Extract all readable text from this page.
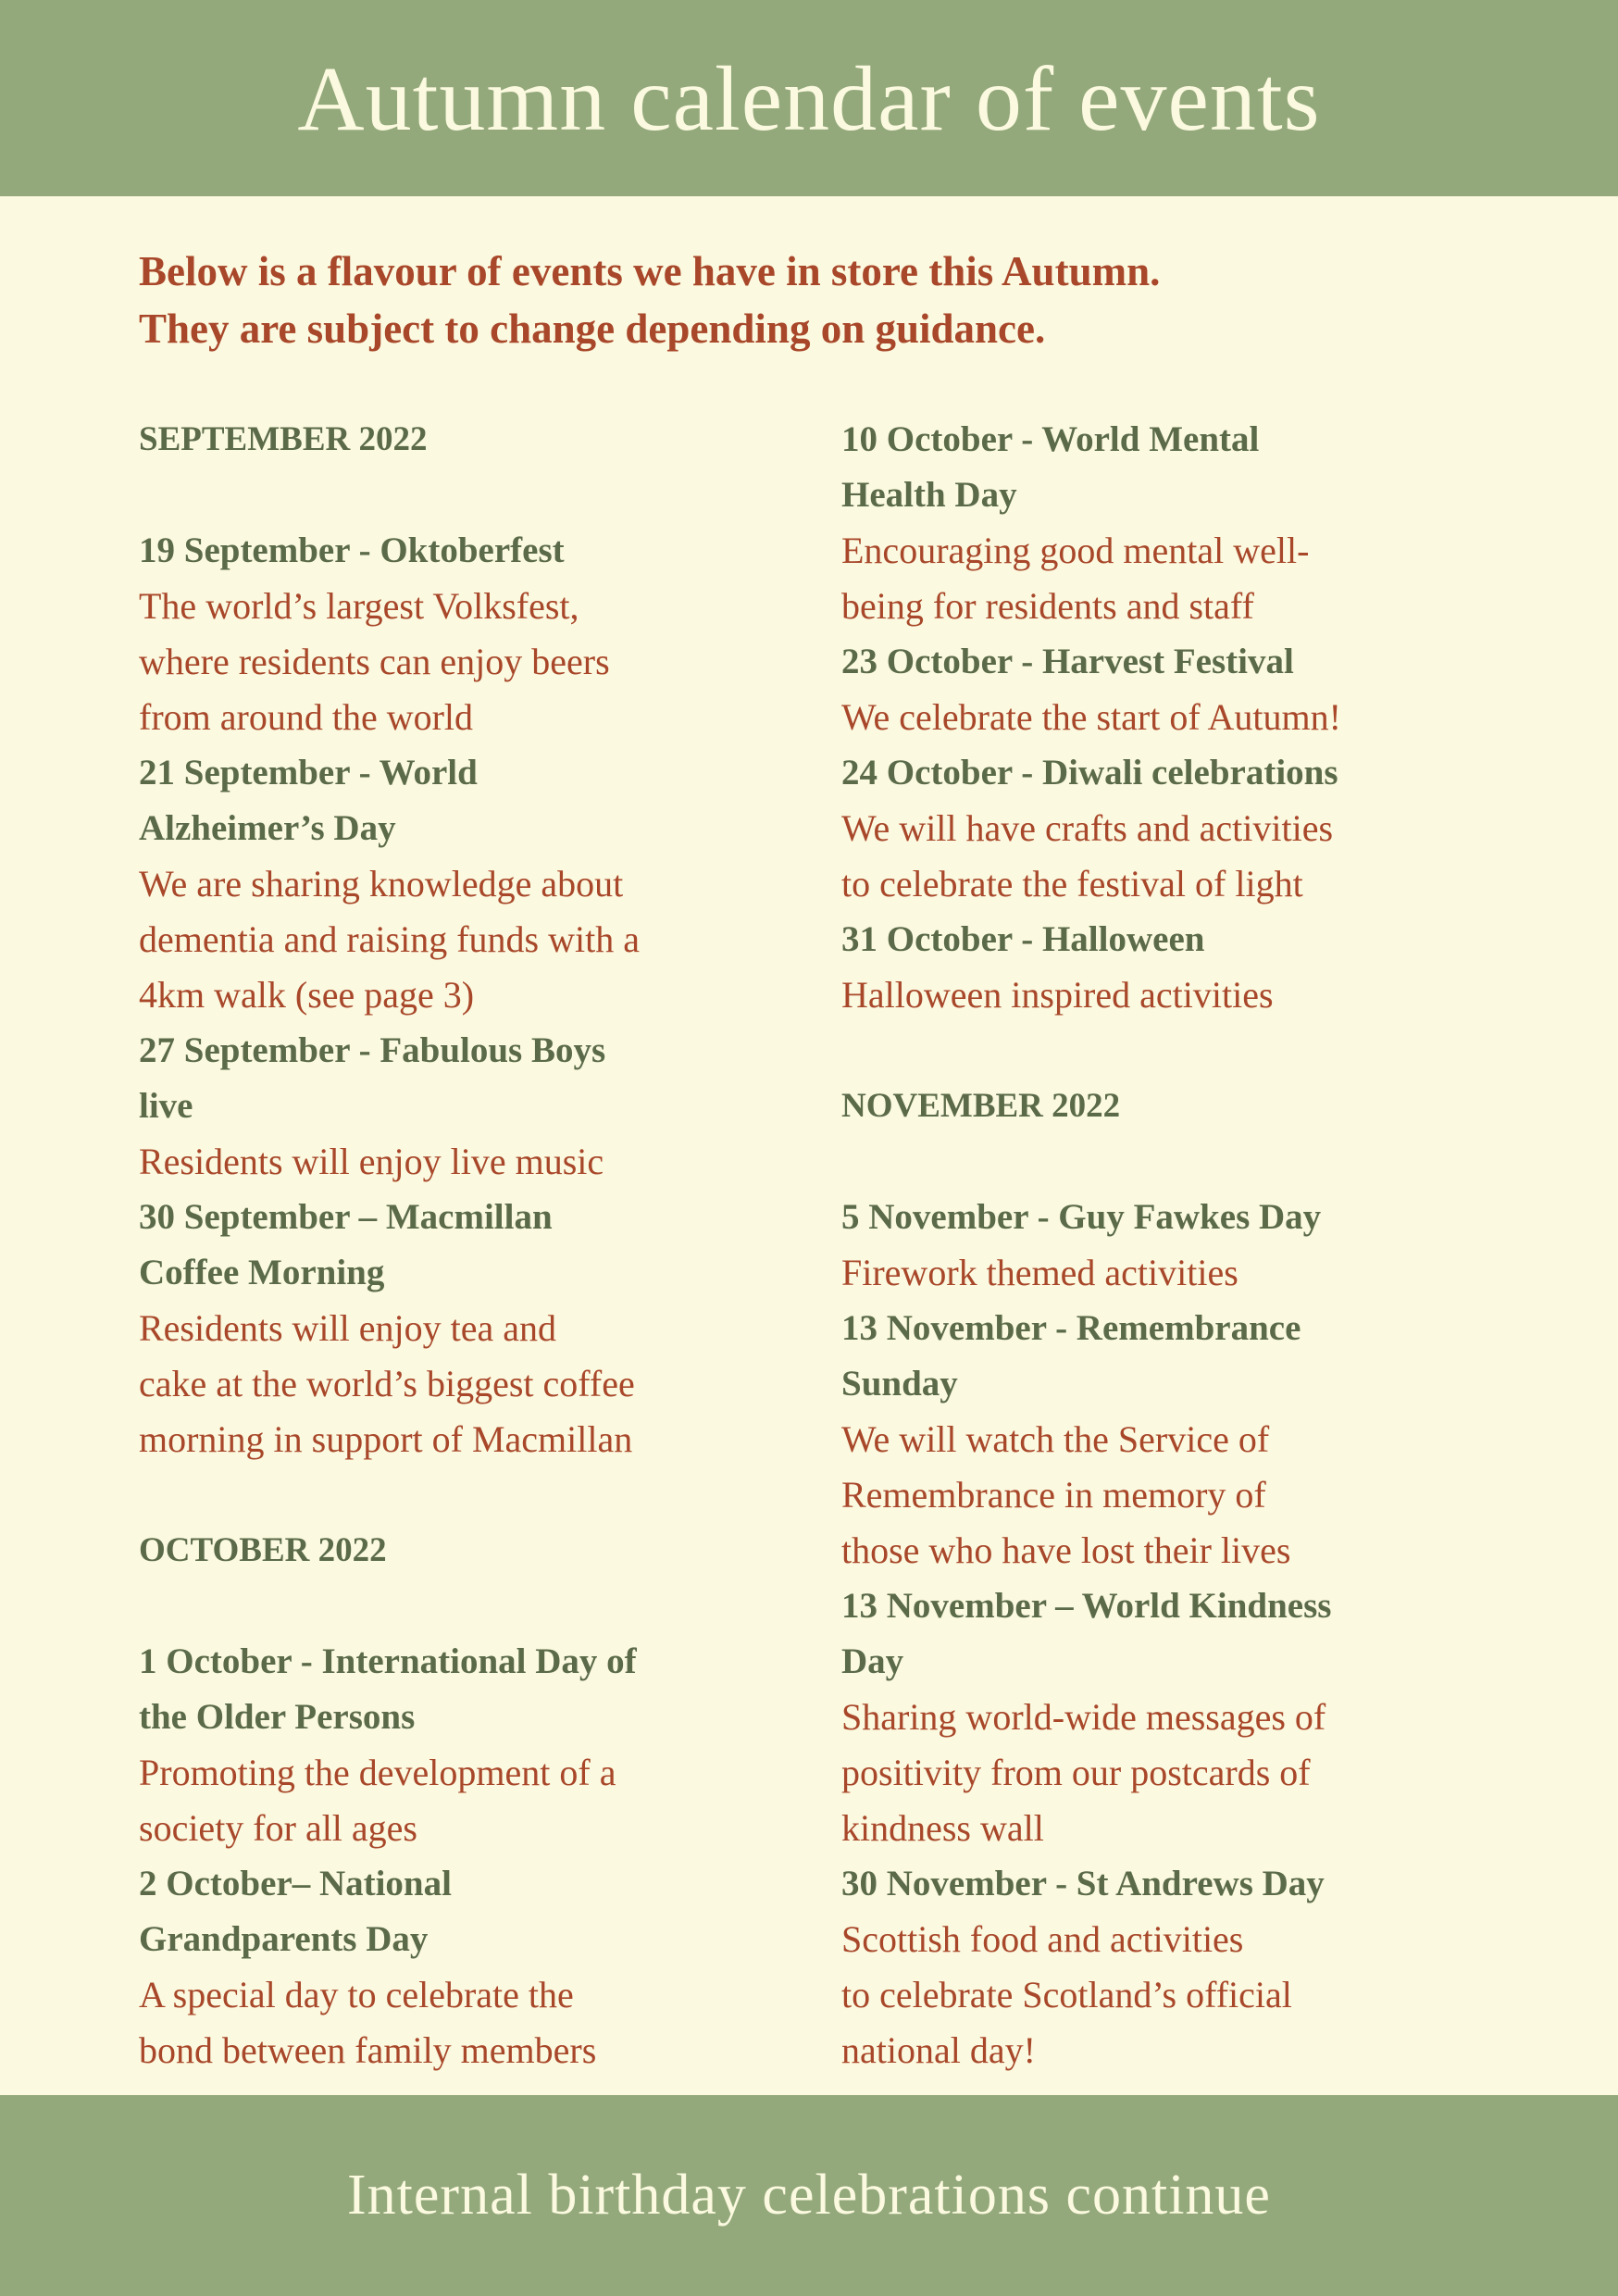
Autumn calendar of events
Below is a flavour of events we have in store this Autumn.
They are subject to change depending on guidance.
SEPTEMBER 2022
19 September - Oktoberfest
The world’s largest Volksfest,
where residents can enjoy beers
from around the world
21 September - World
Alzheimer’s Day
We are sharing knowledge about
dementia and raising funds with a
4km walk (see page 3)
27 September - Fabulous Boys
live
Residents will enjoy live music
30 September – Macmillan
Coffee Morning
Residents will enjoy tea and
cake at the world’s biggest coffee
morning in support of Macmillan
OCTOBER 2022
1 October - International Day of
the Older Persons
Promoting the development of a
society for all ages
2 October– National
Grandparents Day
A special day to celebrate the
bond between family members
10 October - World Mental
Health Day
Encouraging good mental well-
being for residents and staff
23 October - Harvest Festival
We celebrate the start of Autumn!
24 October - Diwali celebrations
We will have crafts and activities
to celebrate the festival of light
31 October - Halloween
Halloween inspired activities
NOVEMBER 2022
5 November - Guy Fawkes Day
Firework themed activities
13 November - Remembrance
Sunday
We will watch the Service of
Remembrance in memory of
those who have lost their lives
13 November – World Kindness
Day
Sharing world-wide messages of
positivity from our postcards of
kindness wall
30 November - St Andrews Day
Scottish food and activities
to celebrate Scotland’s official
national day!
Internal birthday celebrations continue
